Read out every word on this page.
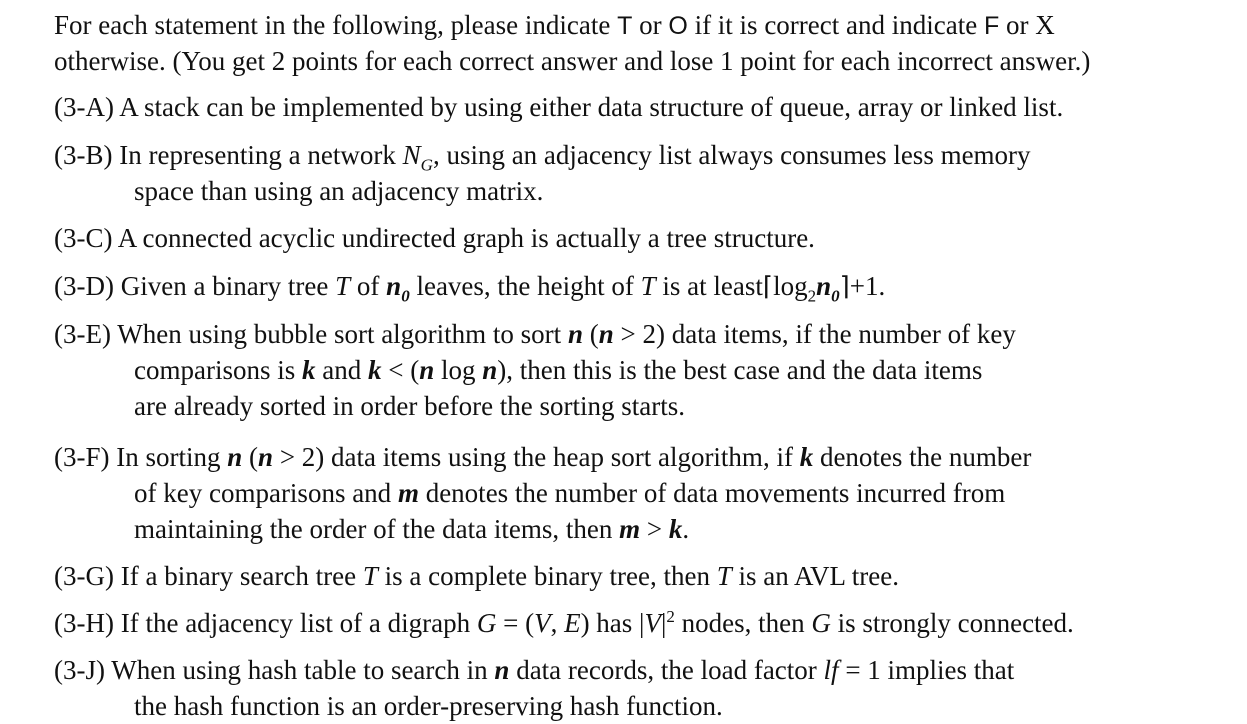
For each statement in the following, please indicate T or O if it is correct and indicate F or X
otherwise. (You get 2 points for each correct answer and lose 1 point for each incorrect answer.)
(3-A) A stack can be implemented by using either data structure of queue, array or linked list.
(3-B) In representing a network $N_G$, using an adjacency list always consumes less memory
space than using an adjacency matrix.
(3-C) A connected acyclic undirected graph is actually a tree structure.
(3-D) Given a binary tree T of $n_0$ leaves, the height of T is at $least⌈\log_2n_0⌉+1$.
(3-E) When using bubble sort algorithm to sort n (n > 2) data items, if the number of key
comparisons is k and k < (n log n), then this is the best case and the data items
are already sorted in order before the sorting starts.
(3-F) In sorting n (n > 2) data items using the heap sort algorithm, if k denotes the number
of key comparisons and m denotes the number of data movements incurred from
maintaining the order of the data items, then m > k.
(3-G) If a binary search tree T is a complete binary tree, then T is an AVL tree.
(3-H) If the adjacency list of a digraph G = (V, E) has $|V|^2$ nodes, then G is strongly connected.
(3-J) When using hash table to search in n data records, the load factor lf = 1 implies that
the hash function is an order-preserving hash function.
